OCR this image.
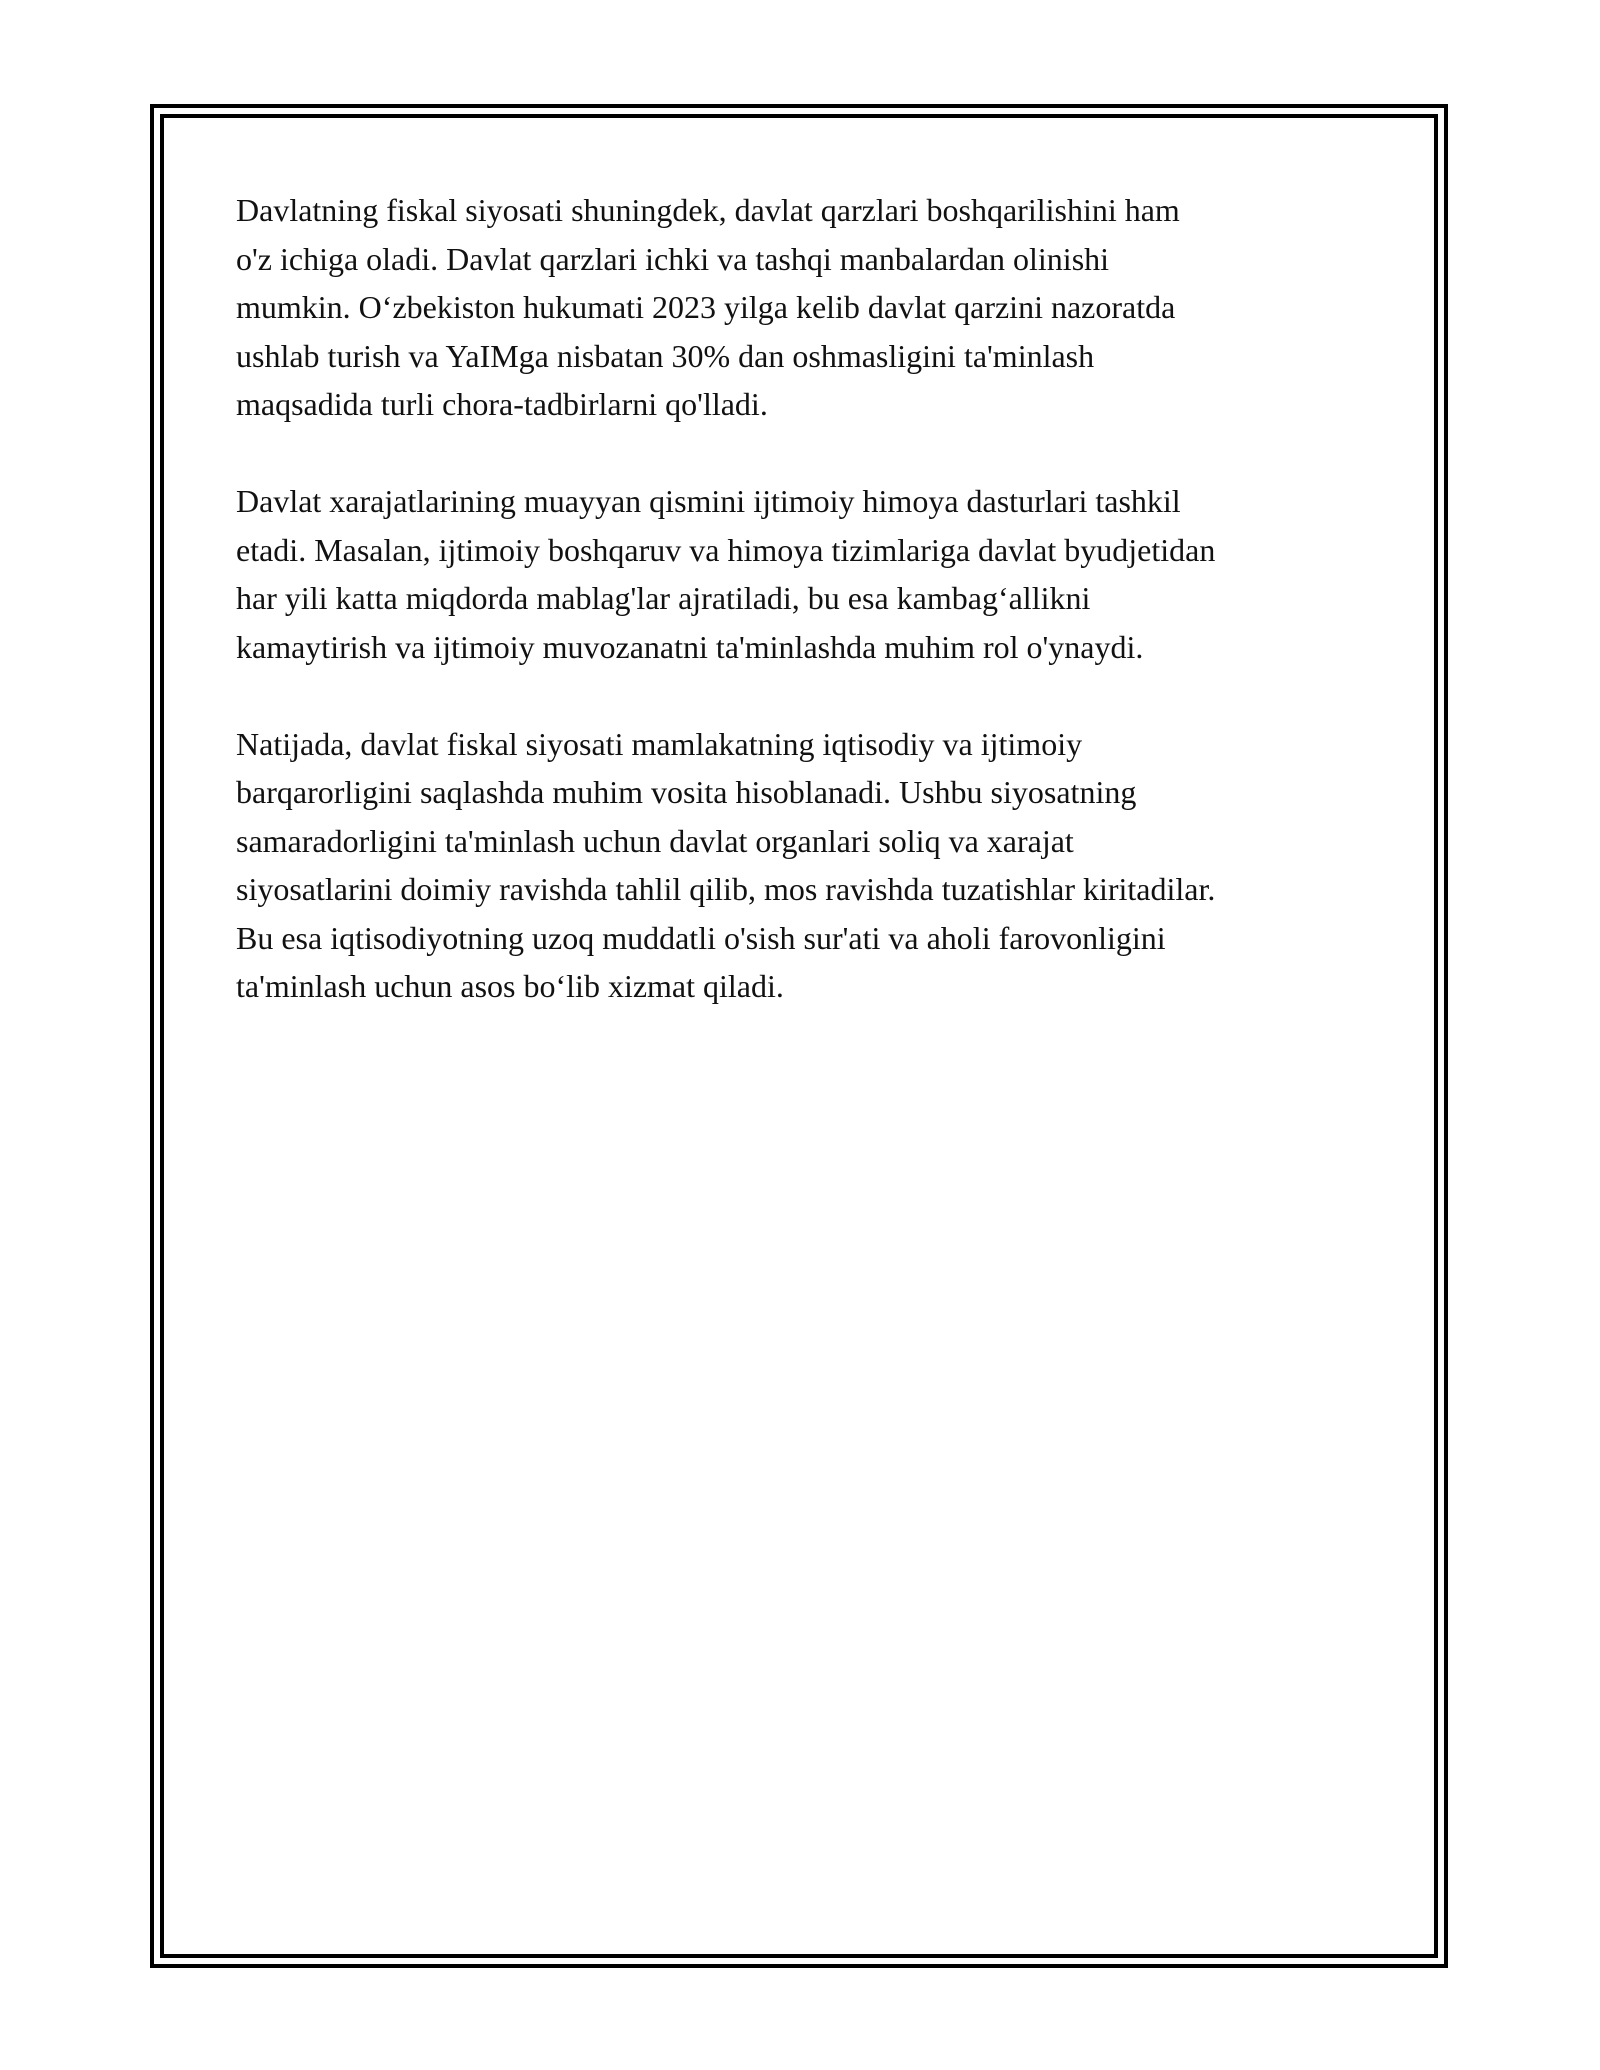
Davlatning fiskal siyosati shuningdek, davlat qarzlari boshqarilishini ham
o'z ichiga oladi. Davlat qarzlari ichki va tashqi manbalardan olinishi
mumkin. O‘zbekiston hukumati 2023 yilga kelib davlat qarzini nazoratda
ushlab turish va YaIMga nisbatan 30% dan oshmasligini ta'minlash
maqsadida turli chora-tadbirlarni qo'lladi.

Davlat xarajatlarining muayyan qismini ijtimoiy himoya dasturlari tashkil
etadi. Masalan, ijtimoiy boshqaruv va himoya tizimlariga davlat byudjetidan
har yili katta miqdorda mablag'lar ajratiladi, bu esa kambag‘allikni
kamaytirish va ijtimoiy muvozanatni ta'minlashda muhim rol o'ynaydi.

Natijada, davlat fiskal siyosati mamlakatning iqtisodiy va ijtimoiy
barqarorligini saqlashda muhim vosita hisoblanadi. Ushbu siyosatning
samaradorligini ta'minlash uchun davlat organlari soliq va xarajat
siyosatlarini doimiy ravishda tahlil qilib, mos ravishda tuzatishlar kiritadilar.
Bu esa iqtisodiyotning uzoq muddatli o'sish sur'ati va aholi farovonligini
ta'minlash uchun asos bo‘lib xizmat qiladi.
